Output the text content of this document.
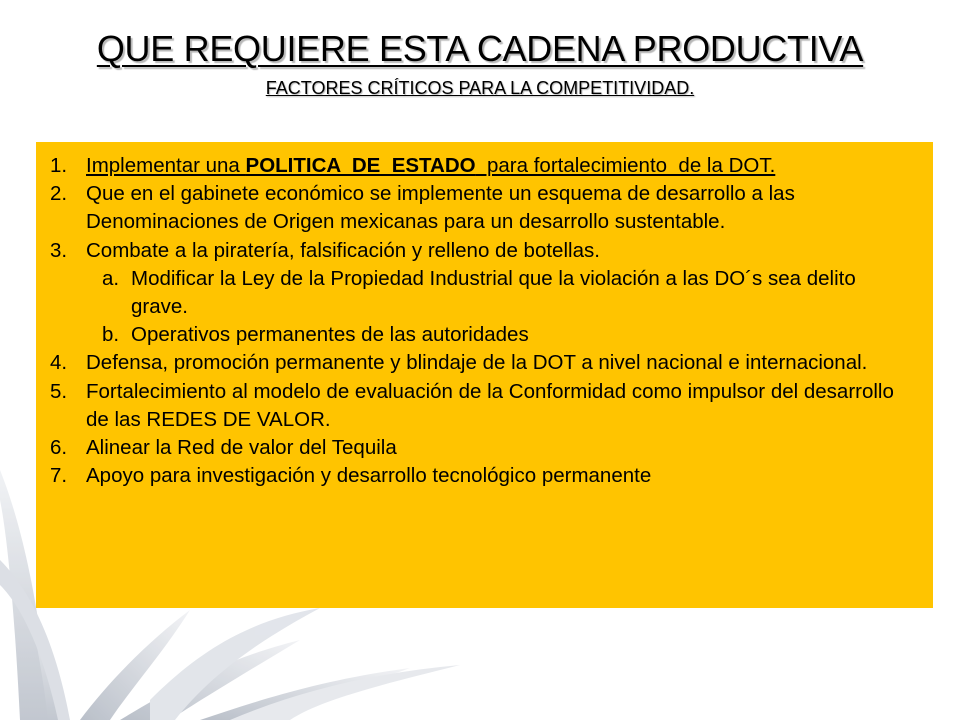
QUE REQUIERE ESTA CADENA PRODUCTIVA
FACTORES CRÍTICOS PARA LA COMPETITIVIDAD.
1. Implementar una POLITICA  DE  ESTADO  para fortalecimiento  de la DOT.
2. Que en el gabinete económico se implemente un esquema de desarrollo a las Denominaciones de Origen mexicanas para un desarrollo sustentable.
3. Combate a la piratería, falsificación y relleno de botellas.
a. Modificar la Ley de la Propiedad Industrial que la violación a las DO´s sea delito grave.
b. Operativos permanentes de las autoridades
4. Defensa, promoción permanente y blindaje de la DOT a nivel nacional e internacional.
5. Fortalecimiento al modelo de evaluación de la Conformidad como impulsor del desarrollo de las REDES DE VALOR.
6. Alinear la Red de valor del Tequila
7. Apoyo para investigación y desarrollo tecnológico permanente
